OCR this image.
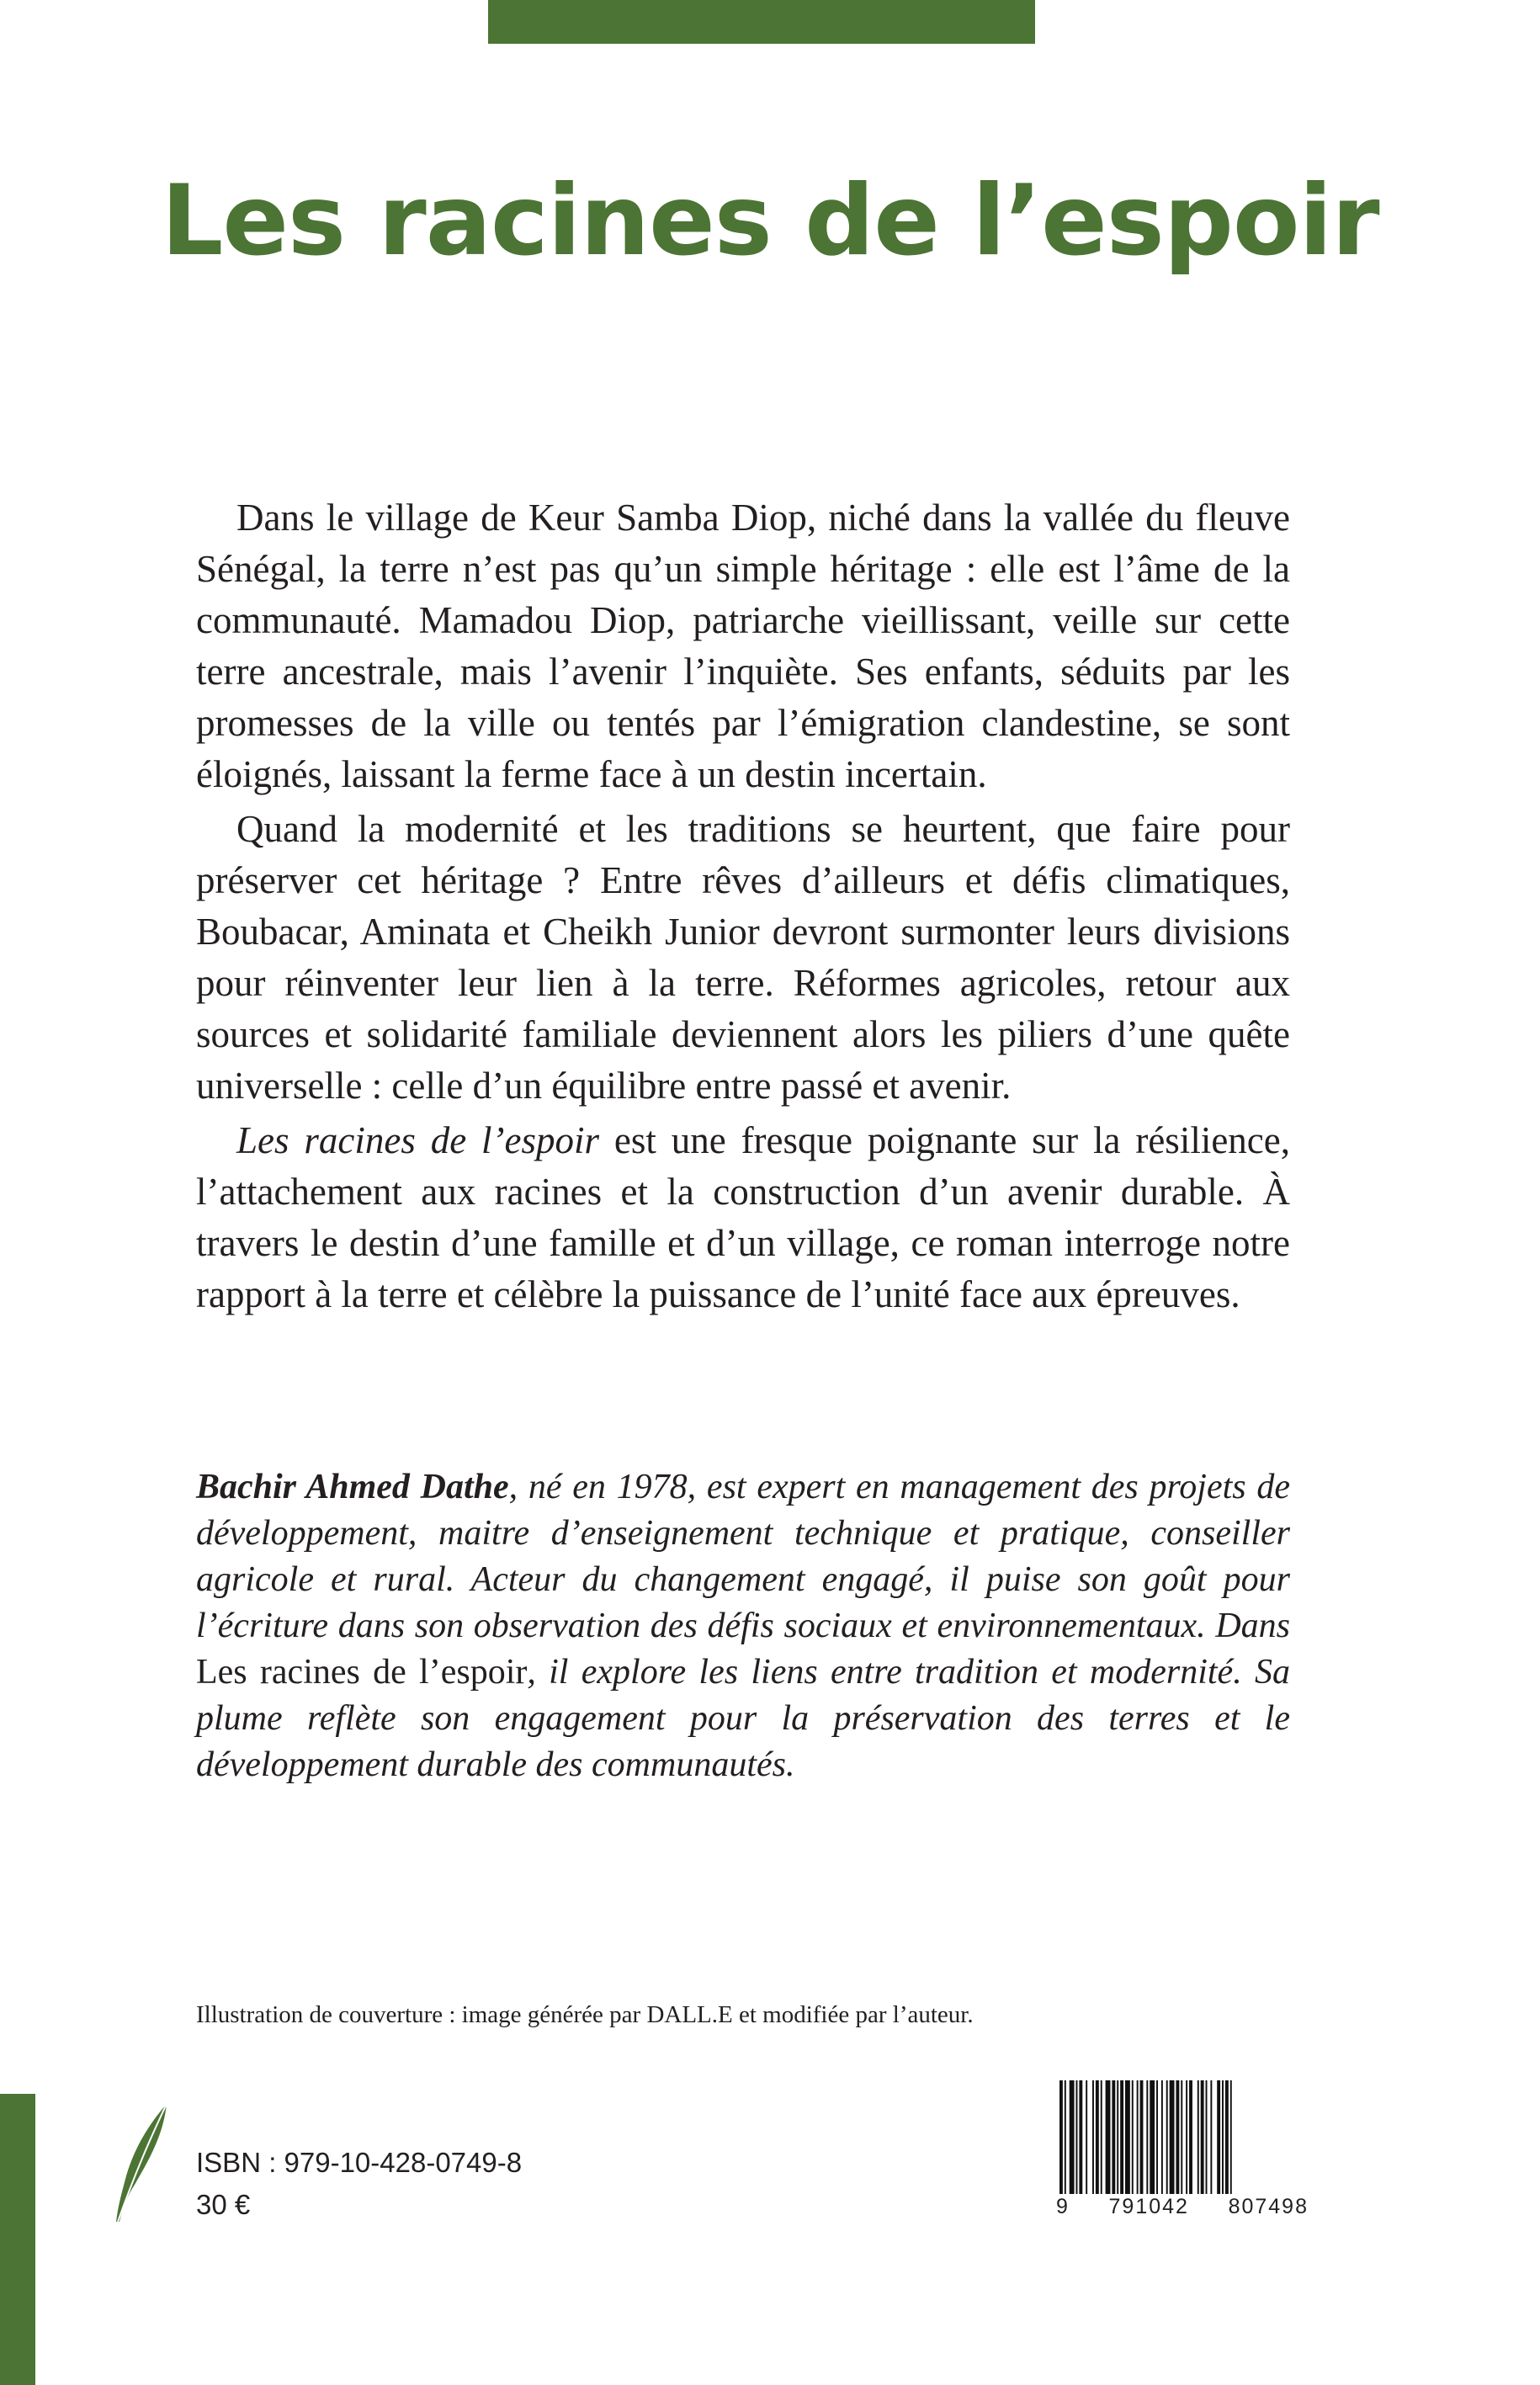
Les racines de l’espoir

Dans le village de Keur Samba Diop, niché dans la vallée du fleuve Sénégal, la terre n’est pas qu’un simple héritage : elle est l’âme de la communauté. Mamadou Diop, patriarche vieillissant, veille sur cette terre ancestrale, mais l’avenir l’inquiète. Ses enfants, séduits par les promesses de la ville ou tentés par l’émigration clandestine, se sont éloignés, laissant la ferme face à un destin incertain.

Quand la modernité et les traditions se heurtent, que faire pour préserver cet héritage ? Entre rêves d’ailleurs et défis climatiques, Boubacar, Aminata et Cheikh Junior devront surmonter leurs divisions pour réinventer leur lien à la terre. Réformes agricoles, retour aux sources et solidarité familiale deviennent alors les piliers d’une quête universelle : celle d’un équilibre entre passé et avenir.

Les racines de l’espoir est une fresque poignante sur la résilience, l’attachement aux racines et la construction d’un avenir durable. À travers le destin d’une famille et d’un village, ce roman interroge notre rapport à la terre et célèbre la puissance de l’unité face aux épreuves.

Bachir Ahmed Dathe, né en 1978, est expert en management des projets de développement, maitre d’enseignement technique et pratique, conseiller agricole et rural. Acteur du changement engagé, il puise son goût pour l’écriture dans son observation des défis sociaux et environnementaux. Dans Les racines de l’espoir, il explore les liens entre tradition et modernité. Sa plume reflète son engagement pour la préservation des terres et le développement durable des communautés.

Illustration de couverture : image générée par DALL.E et modifiée par l’auteur.
ISBN : 979-10-428-0749-8
30 €	9 791042 807498
